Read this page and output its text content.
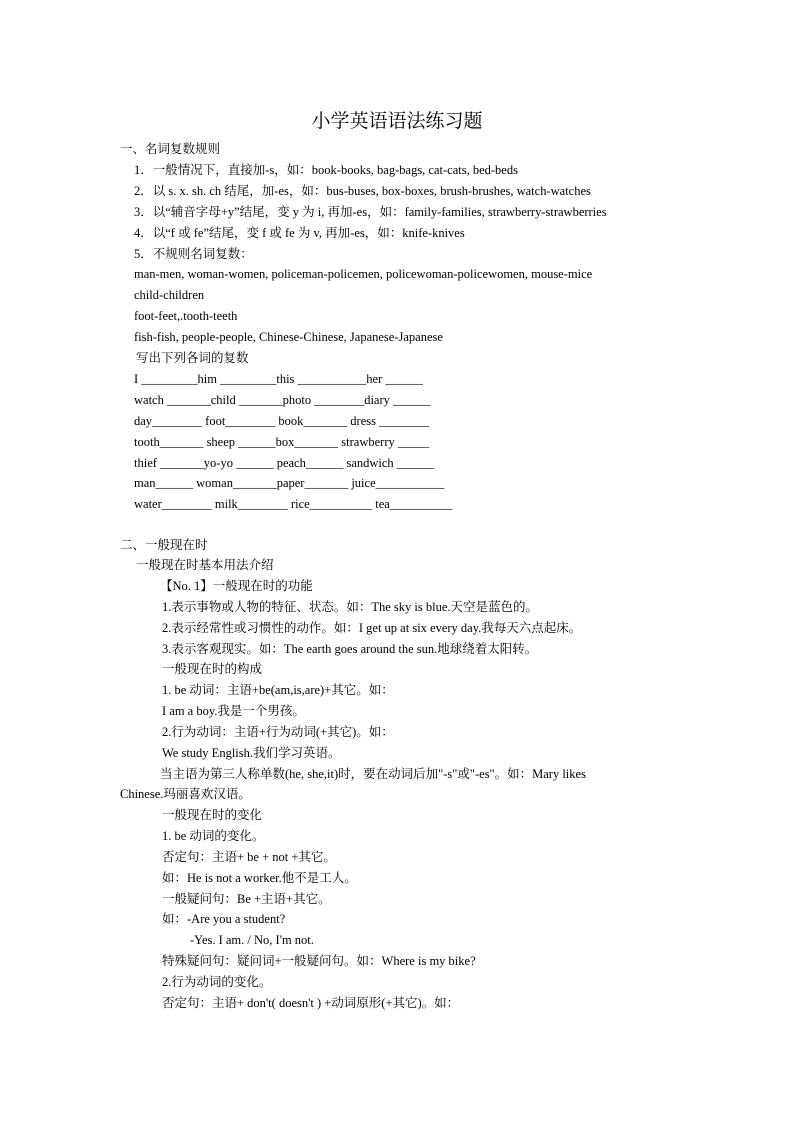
小学英语语法练习题
一、名词复数规则
1．一般情况下，直接加-s，如：book-books, bag-bags, cat-cats, bed-beds
2．以 s. x. sh. ch 结尾，加-es，如：bus-buses, box-boxes, brush-brushes, watch-watches
3．以“辅音字母+y”结尾，变 y 为 i, 再加-es，如：family-families, strawberry-strawberries
4．以“f 或 fe”结尾，变 f 或 fe 为 v, 再加-es，如：knife-knives
5．不规则名词复数：
man-men, woman-women, policeman-policemen, policewoman-policewomen, mouse-mice
child-children
foot-feet,.tooth-teeth
fish-fish, people-people, Chinese-Chinese, Japanese-Japanese
写出下列各词的复数
I _________him _________this ___________her ______
watch _______child _______photo ________diary ______
day________ foot________ book_______ dress ________
tooth_______ sheep ______box_______ strawberry _____
thief _______yo-yo ______ peach______ sandwich ______
man______ woman_______paper_______ juice___________
water________ milk________ rice__________ tea__________
二、一般现在时
一般现在时基本用法介绍
【No. 1】一般现在时的功能
1.表示事物或人物的特征、状态。如：The sky is blue.天空是蓝色的。
2.表示经常性或习惯性的动作。如：I get up at six every day.我每天六点起床。
3.表示客观现实。如：The earth goes around the sun.地球绕着太阳转。
一般现在时的构成
1. be 动词：主语+be(am,is,are)+其它。如：
I am a boy.我是一个男孩。
2.行为动词：主语+行为动词(+其它)。如：
We study English.我们学习英语。
当主语为第三人称单数(he, she,it)时，要在动词后加"-s"或"-es"。如：Mary likes
Chinese.玛丽喜欢汉语。
一般现在时的变化
1. be 动词的变化。
否定句：主语+ be + not +其它。
如：He is not a worker.他不是工人。
一般疑问句：Be +主语+其它。
如：-Are you a student?
-Yes. I am. / No, I'm not.
特殊疑问句：疑问词+一般疑问句。如：Where is my bike?
2.行为动词的变化。
否定句：主语+ don't( doesn't ) +动词原形(+其它)。如：
